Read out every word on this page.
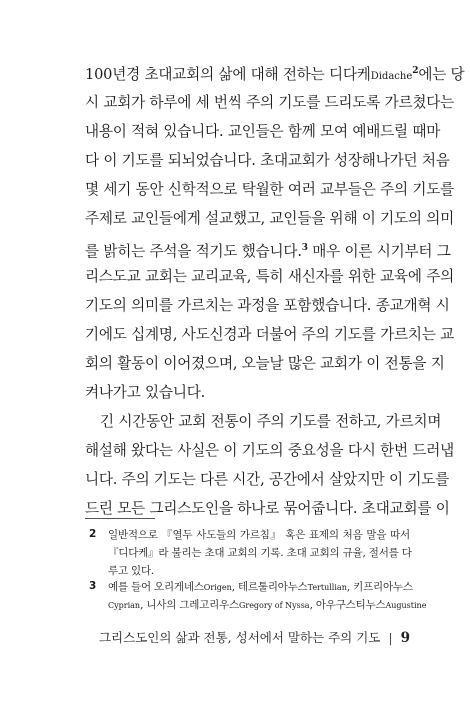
100년경 초대교회의 삶에 대해 전하는 디다케Didache$^2$에는 당
시 교회가 하루에 세 번씩 주의 기도를 드리도록 가르쳤다는
내용이 적혀 있습니다. 교인들은 함께 모여 예배드릴 때마
다 이 기도를 되뇌었습니다. 초대교회가 성장해나가던 처음
몇 세기 동안 신학적으로 탁월한 여러 교부들은 주의 기도를
주제로 교인들에게 설교했고, 교인들을 위해 이 기도의 의미
를 밝히는 주석을 적기도 했습니다.$^3$ 매우 이른 시기부터 그
리스도교 교회는 교리교육, 특히 새신자를 위한 교육에 주의
기도의 의미를 가르치는 과정을 포함했습니다. 종교개혁 시
기에도 십계명, 사도신경과 더불어 주의 기도를 가르치는 교
회의 활동이 이어졌으며, 오늘날 많은 교회가 이 전통을 지
켜나가고 있습니다.
긴 시간동안 교회 전통이 주의 기도를 전하고, 가르치며
해설해 왔다는 사실은 이 기도의 중요성을 다시 한번 드러냅
니다. 주의 기도는 다른 시간, 공간에서 살았지만 이 기도를
드린 모든 그리스도인을 하나로 묶어줍니다. 초대교회를 이
2 일반적으로 『열두 사도들의 가르침』 혹은 표제의 처음 말을 따서
『디다케』라 불리는 초대 교회의 기록. 초대 교회의 규율, 절서를 다
루고 있다.
3 예를 들어 오리게네스Origen, 테르툴리아누스Tertullian, 키프리아누스
Cyprian, 니사의 그레고리우스Gregory of Nyssa, 아우구스티누스Augustine
그리스도인의 삶과 전통, 성서에서 말하는 주의 기도 | 9
